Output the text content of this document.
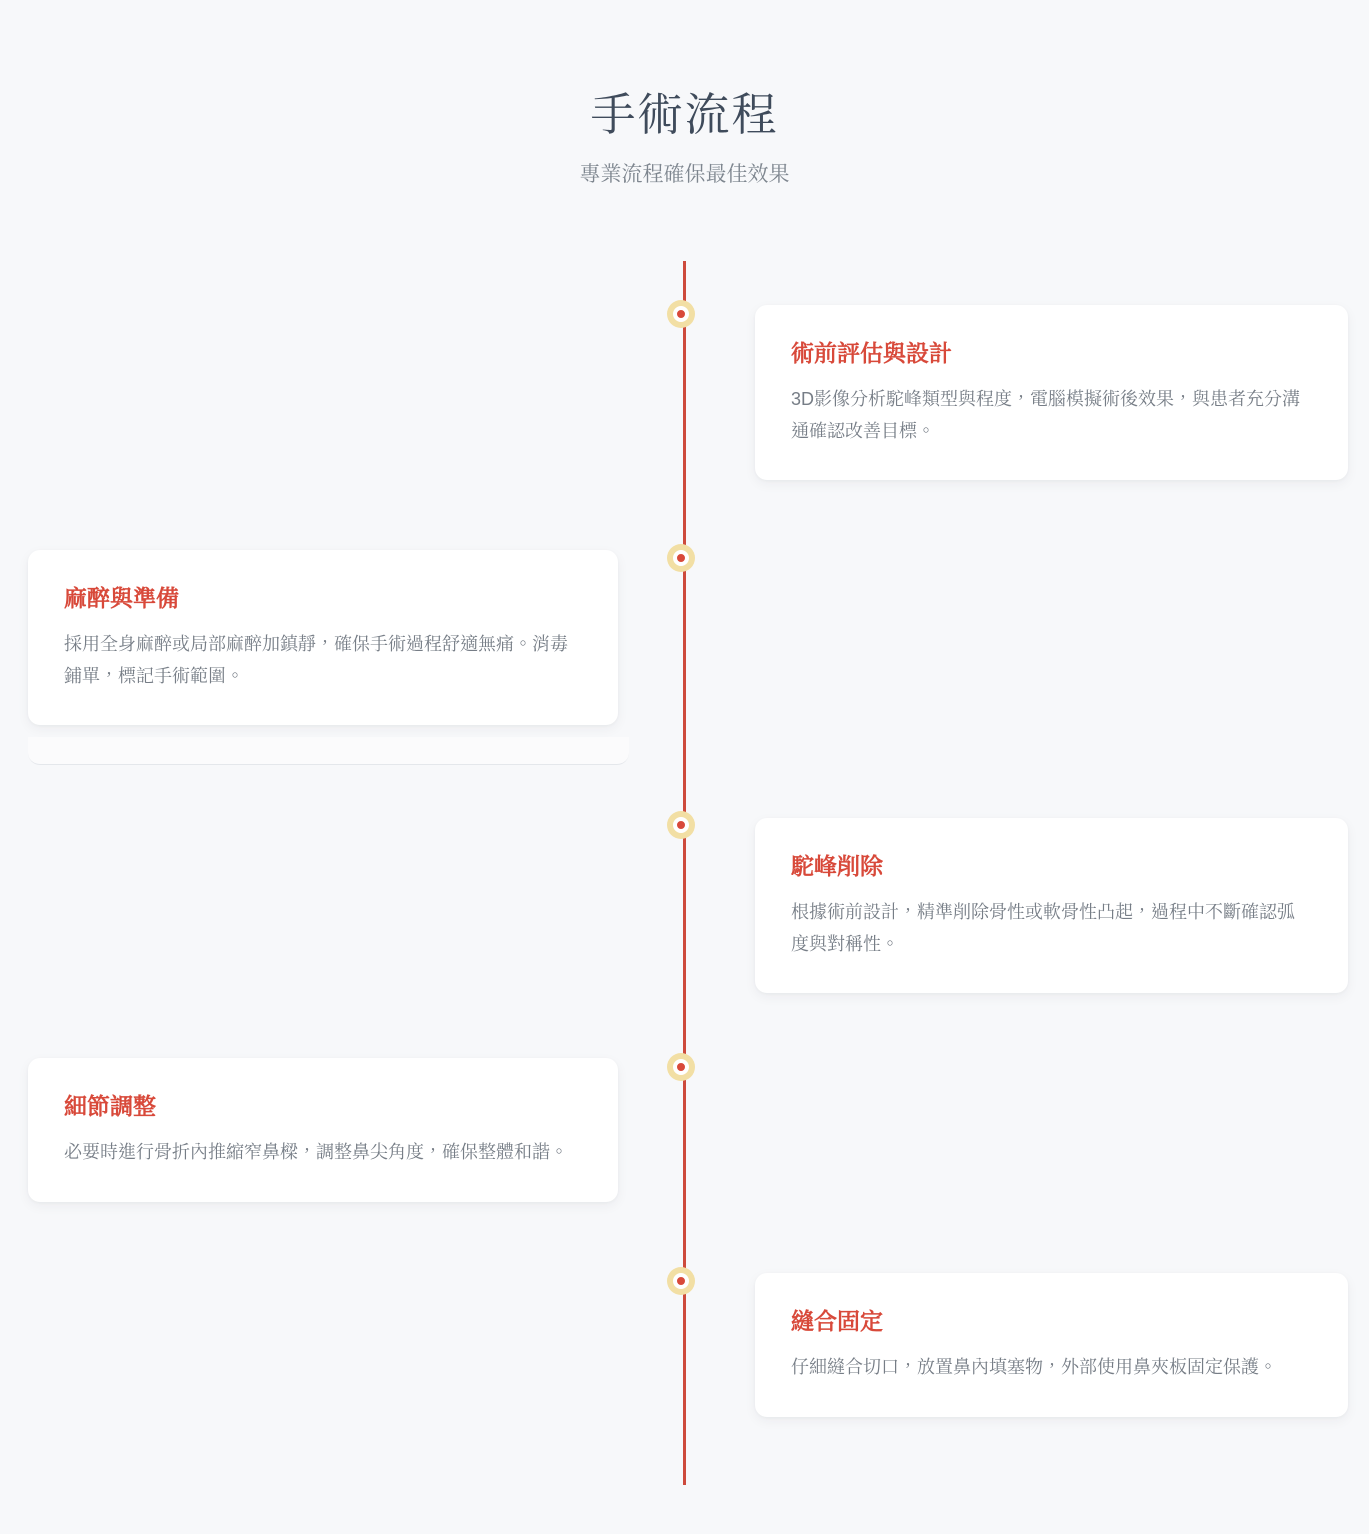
手術流程

專業流程確保最佳效果

術前評估與設計

3D影像分析駝峰類型與程度，電腦模擬術後效果，與患者充分溝通確認改善目標。

麻醉與準備

採用全身麻醉或局部麻醉加鎮靜，確保手術過程舒適無痛。消毒鋪單，標記手術範圍。

駝峰削除

根據術前設計，精準削除骨性或軟骨性凸起，過程中不斷確認弧度與對稱性。

細節調整

必要時進行骨折內推縮窄鼻樑，調整鼻尖角度，確保整體和諧。

縫合固定

仔細縫合切口，放置鼻內填塞物，外部使用鼻夾板固定保護。
